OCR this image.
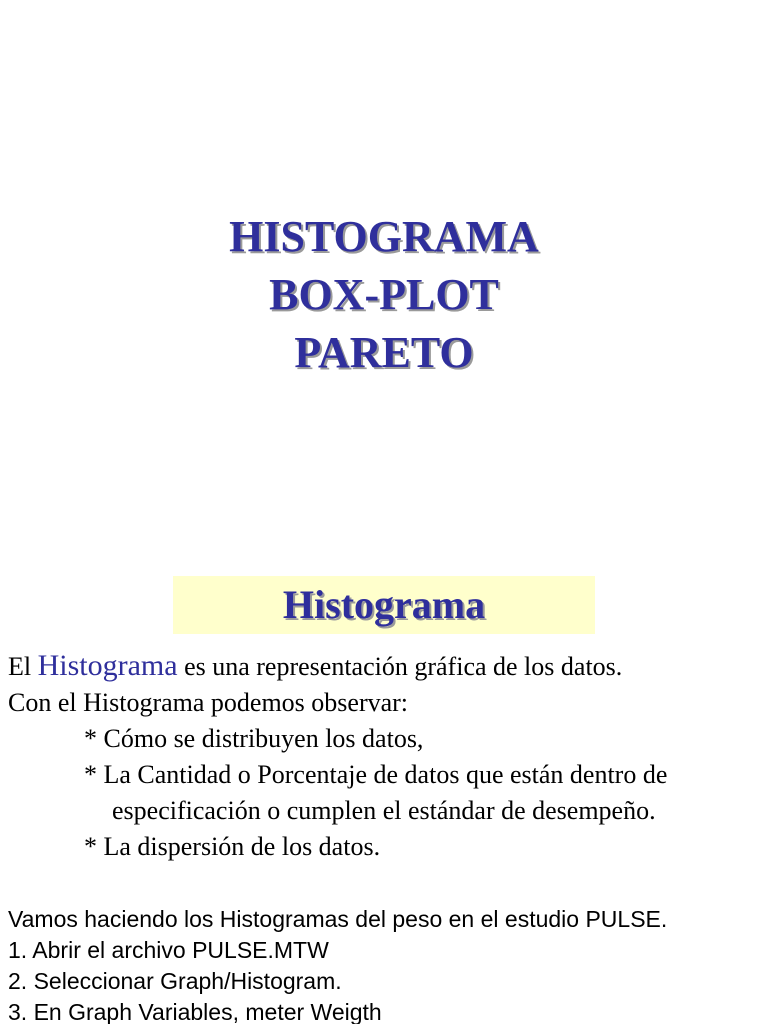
HISTOGRAMA
BOX-PLOT
PARETO
Histograma

El Histograma es una representación gráfica de los datos.

Con el Histograma podemos observar:

* Cómo se distribuyen los datos,

* La Cantidad o Porcentaje de datos que están dentro de

especificación o cumplen el estándar de desempeño.

* La dispersión de los datos.

Vamos haciendo los Histogramas del peso en el estudio PULSE.

1. Abrir el archivo PULSE.MTW

2. Seleccionar Graph/Histogram.

3. En Graph Variables, meter Weigth
